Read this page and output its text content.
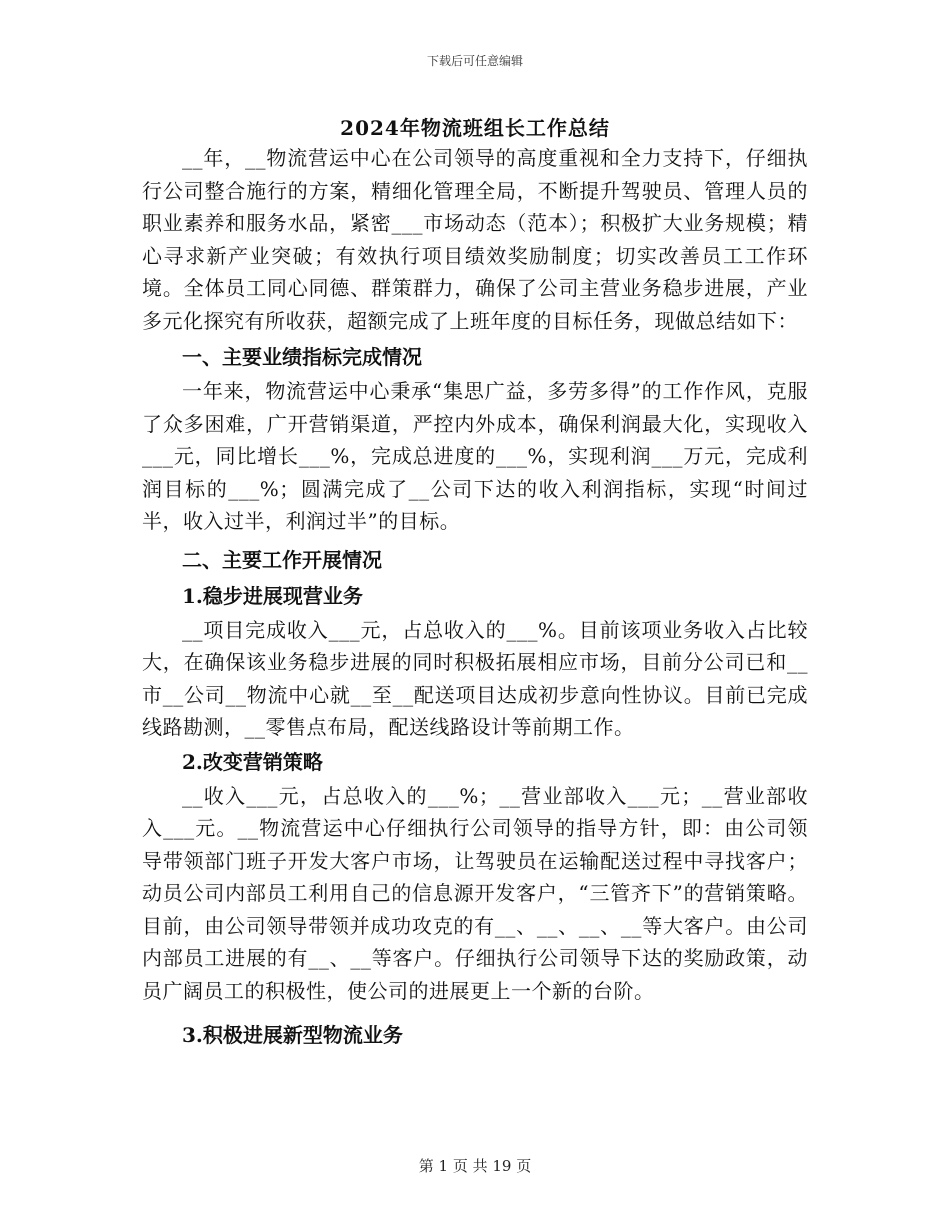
下载后可任意编辑
2024年物流班组长工作总结

__年，__物流营运中心在公司领导的高度重视和全力支持下，仔细执行公司整合施行的方案，精细化管理全局，不断提升驾驶员、管理人员的职业素养和服务水品，紧密___市场动态（范本）；积极扩大业务规模；精心寻求新产业突破；有效执行项目绩效奖励制度；切实改善员工工作环境。全体员工同心同德、群策群力，确保了公司主营业务稳步进展，产业多元化探究有所收获，超额完成了上班年度的目标任务，现做总结如下：

一、主要业绩指标完成情况

一年来，物流营运中心秉承“集思广益，多劳多得”的工作作风，克服了众多困难，广开营销渠道，严控内外成本，确保利润最大化，实现收入___元，同比增长___%，完成总进度的___%，实现利润___万元，完成利润目标的___%；圆满完成了__公司下达的收入利润指标，实现“时间过半，收入过半，利润过半”的目标。

二、主要工作开展情况
1.稳步进展现营业务

__项目完成收入___元，占总收入的___%。目前该项业务收入占比较大，在确保该业务稳步进展的同时积极拓展相应市场，目前分公司已和__市__公司__物流中心就__至__配送项目达成初步意向性协议。目前已完成线路勘测，__零售点布局，配送线路设计等前期工作。

2.改变营销策略

__收入___元，占总收入的___%；__营业部收入___元；__营业部收入___元。__物流营运中心仔细执行公司领导的指导方针，即：由公司领导带领部门班子开发大客户市场，让驾驶员在运输配送过程中寻找客户；动员公司内部员工利用自己的信息源开发客户，“三管齐下”的营销策略。目前，由公司领导带领并成功攻克的有__、__、__、__等大客户。由公司内部员工进展的有__、__等客户。仔细执行公司领导下达的奖励政策，动员广阔员工的积极性，使公司的进展更上一个新的台阶。

3.积极进展新型物流业务
第 1 页 共 19 页
